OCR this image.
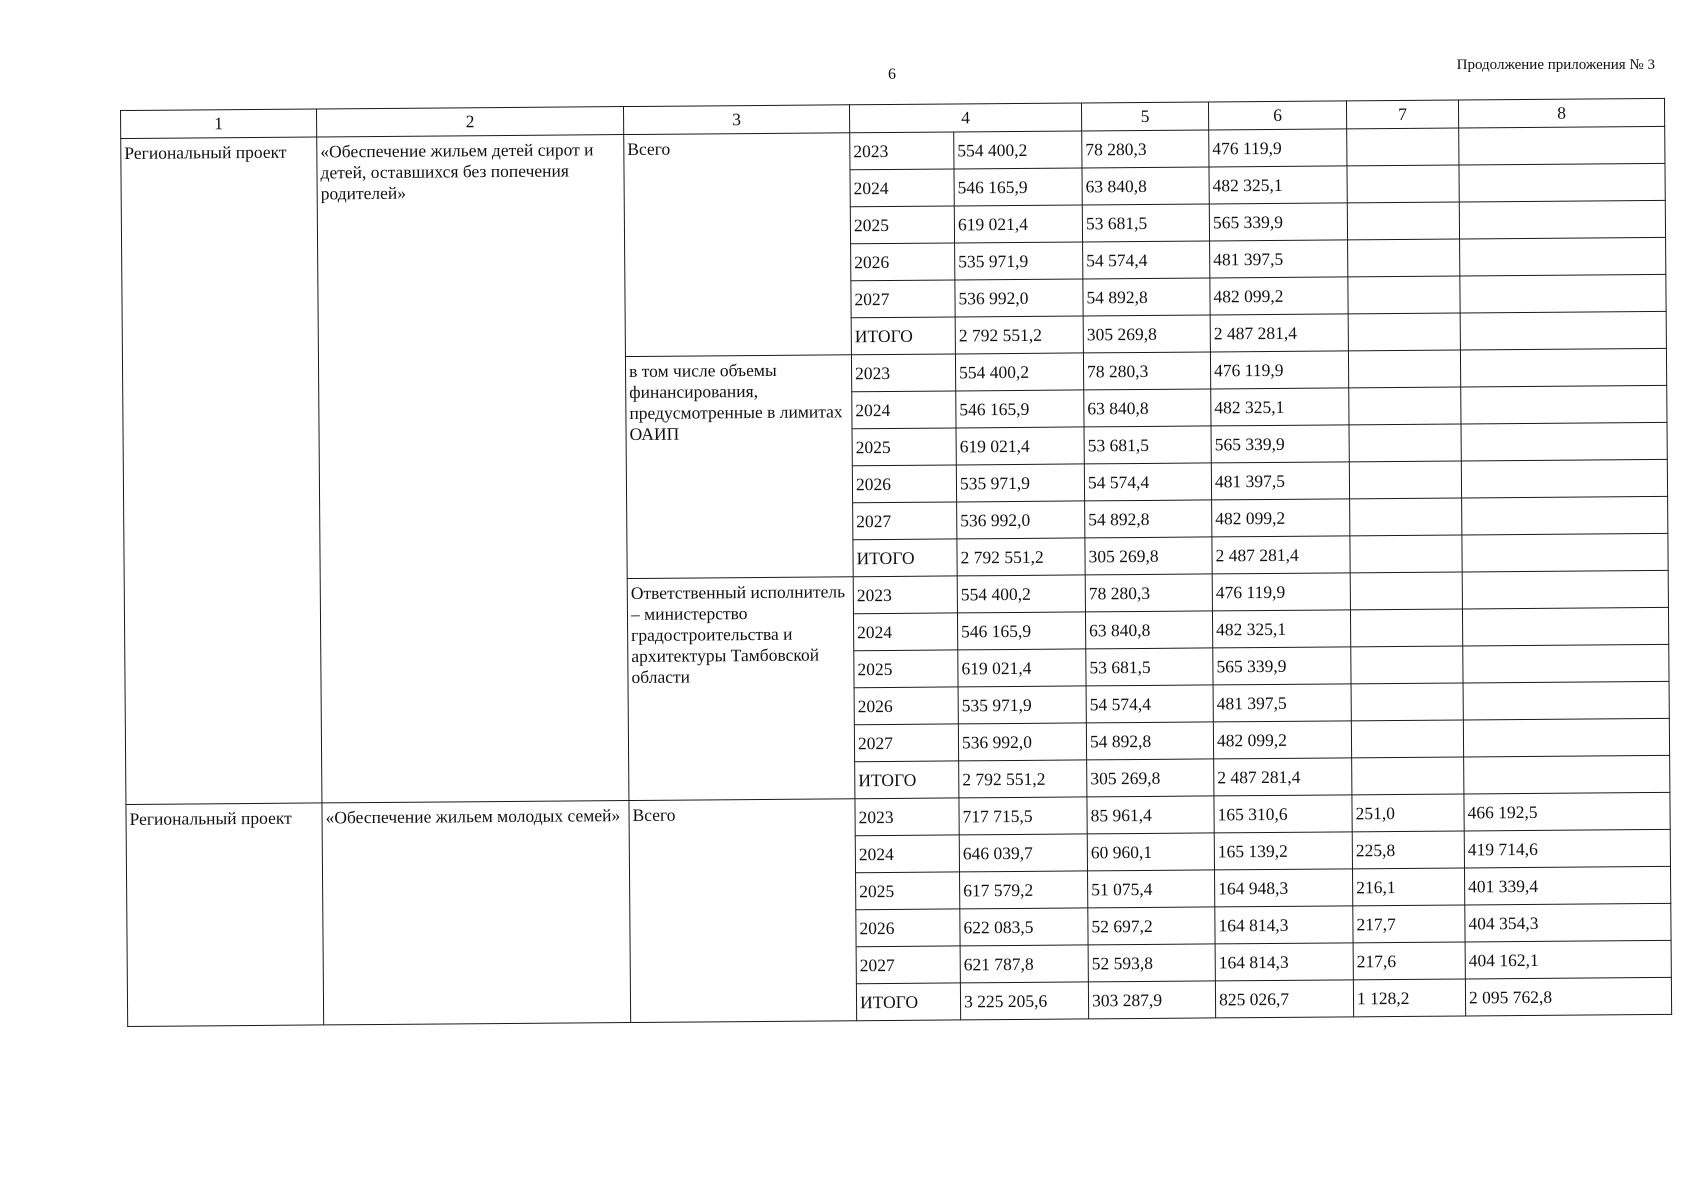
6
Продолжение приложения № 3
1	2	3	4		5	6	7	8
Региональный проект	«Обеспечение жильем детей сирот и детей, оставшихся без попечения родителей»	Всего	2023	554 400,2	78 280,3	476 119,9		
			2024	546 165,9	63 840,8	482 325,1		
			2025	619 021,4	53 681,5	565 339,9		
			2026	535 971,9	54 574,4	481 397,5		
			2027	536 992,0	54 892,8	482 099,2		
			ИТОГО	2 792 551,2	305 269,8	2 487 281,4		
		в том числе объемы финансирования, предусмотренные в лимитах ОАИП	2023	554 400,2	78 280,3	476 119,9		
			2024	546 165,9	63 840,8	482 325,1		
			2025	619 021,4	53 681,5	565 339,9		
			2026	535 971,9	54 574,4	481 397,5		
			2027	536 992,0	54 892,8	482 099,2		
			ИТОГО	2 792 551,2	305 269,8	2 487 281,4		
		Ответственный исполнитель – министерство градостроительства и архитектуры Тамбовской области	2023	554 400,2	78 280,3	476 119,9		
			2024	546 165,9	63 840,8	482 325,1		
			2025	619 021,4	53 681,5	565 339,9		
			2026	535 971,9	54 574,4	481 397,5		
			2027	536 992,0	54 892,8	482 099,2		
			ИТОГО	2 792 551,2	305 269,8	2 487 281,4		
Региональный проект	«Обеспечение жильем молодых семей»	Всего	2023	717 715,5	85 961,4	165 310,6	251,0	466 192,5
			2024	646 039,7	60 960,1	165 139,2	225,8	419 714,6
			2025	617 579,2	51 075,4	164 948,3	216,1	401 339,4
			2026	622 083,5	52 697,2	164 814,3	217,7	404 354,3
			2027	621 787,8	52 593,8	164 814,3	217,6	404 162,1
			ИТОГО	3 225 205,6	303 287,9	825 026,7	1 128,2	2 095 762,8
